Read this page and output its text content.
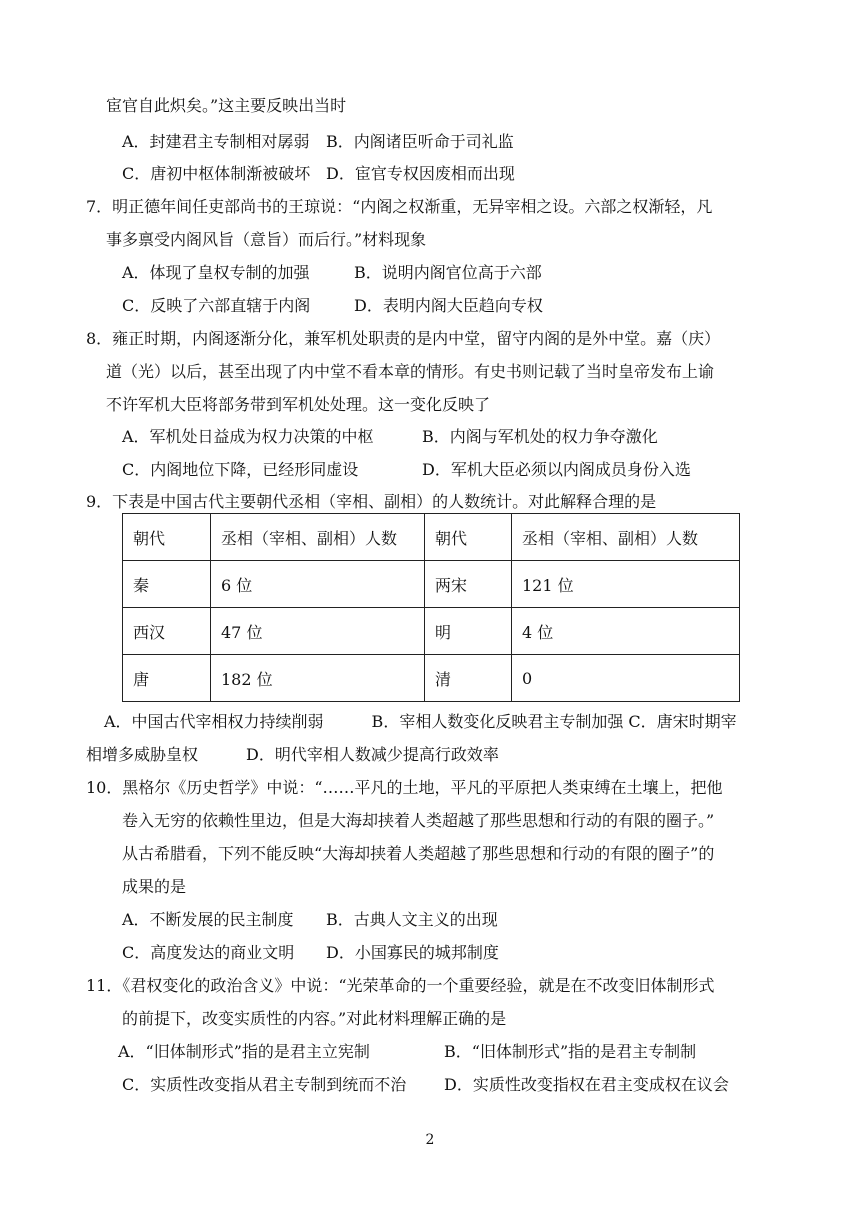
宦官自此炽矣。”这主要反映出当时
A．封建君主专制相对孱弱 B．内阁诸臣听命于司礼监
C．唐初中枢体制渐被破坏 D．宦官专权因废相而出现
7．明正德年间任吏部尚书的王琼说：“内阁之权渐重，无异宰相之设。六部之权渐轻，凡
事多禀受内阁风旨（意旨）而后行。”材料现象
A．体现了皇权专制的加强	B．说明内阁官位高于六部
C．反映了六部直辖于内阁	D．表明内阁大臣趋向专权
8．雍正时期，内阁逐渐分化，兼军机处职责的是内中堂，留守内阁的是外中堂。嘉（庆）
道（光）以后，甚至出现了内中堂不看本章的情形。有史书则记载了当时皇帝发布上谕
不许军机大臣将部务带到军机处处理。这一变化反映了
A．军机处日益成为权力决策的中枢	B．内阁与军机处的权力争夺激化
C．内阁地位下降，已经形同虚设	D．军机大臣必须以内阁成员身份入选
9．下表是中国古代主要朝代丞相（宰相、副相）的人数统计。对此解释合理的是
朝代	丞相（宰相、副相）人数	朝代	丞相（宰相、副相）人数
秦	6 位	两宋	121 位
西汉	47 位	明	4 位
唐	182 位	清	0
A．中国古代宰相权力持续削弱　　　B．宰相人数变化反映君主专制加强 C．唐宋时期宰
相增多威胁皇权　　　D．明代宰相人数减少提高行政效率
10．黑格尔《历史哲学》中说：“……平凡的土地，平凡的平原把人类束缚在土壤上，把他
卷入无穷的依赖性里边，但是大海却挟着人类超越了那些思想和行动的有限的圈子。”
从古希腊看，下列不能反映“大海却挟着人类超越了那些思想和行动的有限的圈子”的
成果的是
A．不断发展的民主制度 B．古典人文主义的出现
C．高度发达的商业文明 D．小国寡民的城邦制度
11．《君权变化的政治含义》中说：“光荣革命的一个重要经验，就是在不改变旧体制形式
的前提下，改变实质性的内容。”对此材料理解正确的是
A．“旧体制形式”指的是君主立宪制	B．“旧体制形式”指的是君主专制制
C．实质性改变指从君主专制到统而不治 D．实质性改变指权在君主变成权在议会
2
